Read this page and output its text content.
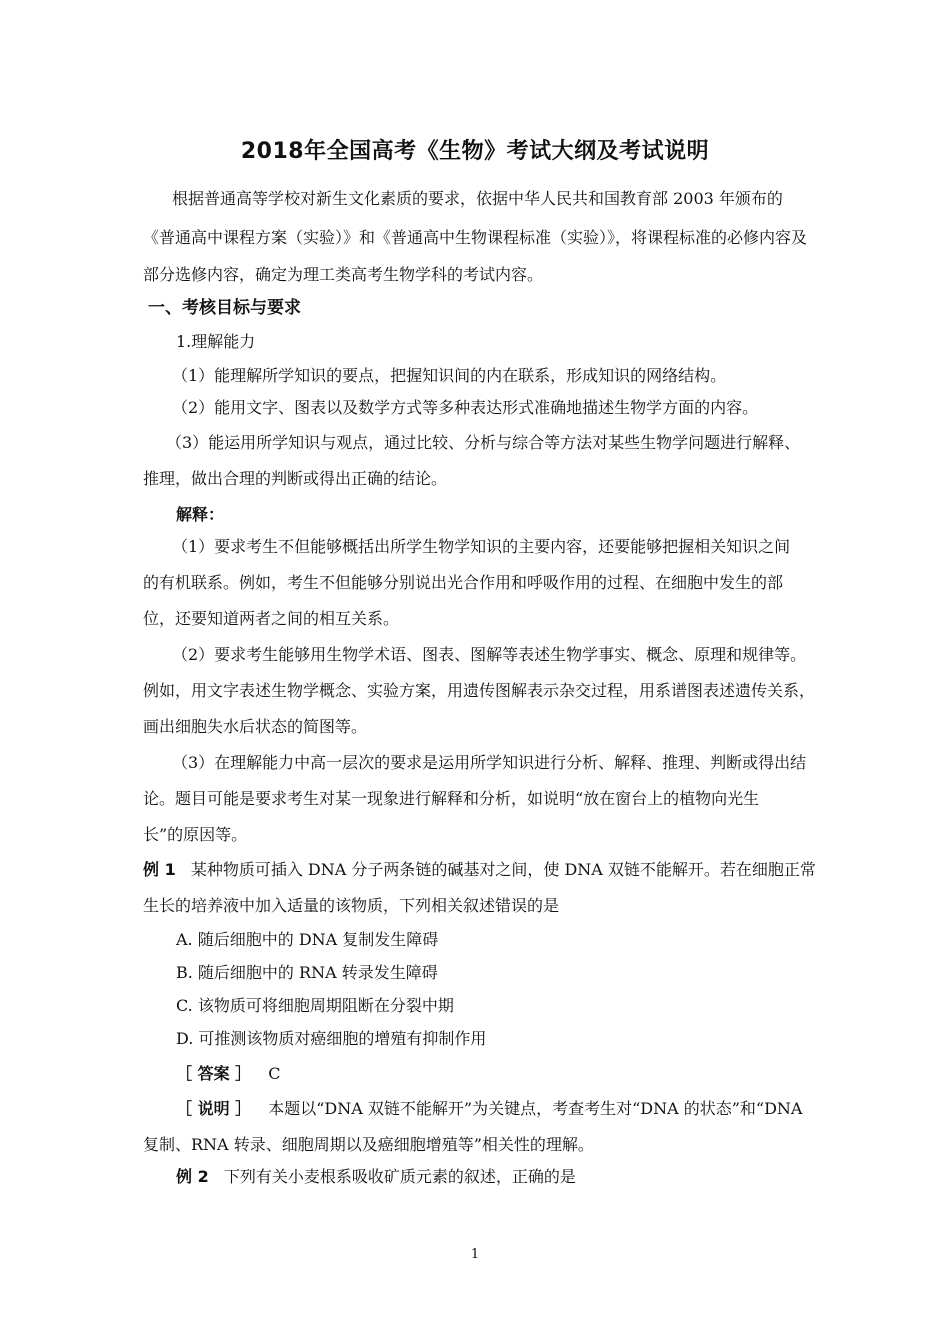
2018年全国高考《生物》考试大纲及考试说明
根据普通高等学校对新生文化素质的要求，依据中华人民共和国教育部 2003 年颁布的
《普通高中课程方案（实验）》和《普通高中生物课程标准（实验）》，将课程标准的必修内容及
部分选修内容，确定为理工类高考生物学科的考试内容。
一、考核目标与要求
1.理解能力
（1）能理解所学知识的要点，把握知识间的内在联系，形成知识的网络结构。
（2）能用文字、图表以及数学方式等多种表达形式准确地描述生物学方面的内容。
（3）能运用所学知识与观点，通过比较、分析与综合等方法对某些生物学问题进行解释、
推理，做出合理的判断或得出正确的结论。
解释：
（1）要求考生不但能够概括出所学生物学知识的主要内容，还要能够把握相关知识之间
的有机联系。例如，考生不但能够分别说出光合作用和呼吸作用的过程、在细胞中发生的部
位，还要知道两者之间的相互关系。
（2）要求考生能够用生物学术语、图表、图解等表述生物学事实、概念、原理和规律等。
例如，用文字表述生物学概念、实验方案，用遗传图解表示杂交过程，用系谱图表述遗传关系，
画出细胞失水后状态的简图等。
（3）在理解能力中高一层次的要求是运用所学知识进行分析、解释、推理、判断或得出结
论。题目可能是要求考生对某一现象进行解释和分析，如说明“放在窗台上的植物向光生
长”的原因等。
例 1 某种物质可插入 DNA 分子两条链的碱基对之间，使 DNA 双链不能解开。若在细胞正常
生长的培养液中加入适量的该物质，下列相关叙述错误的是
A. 随后细胞中的 DNA 复制发生障碍
B. 随后细胞中的 RNA 转录发生障碍
C. 该物质可将细胞周期阻断在分裂中期
D. 可推测该物质对癌细胞的增殖有抑制作用
［ 答案 ］ C
［ 说明 ］ 本题以“DNA 双链不能解开”为关键点，考查考生对“DNA 的状态”和“DNA
复制、RNA 转录、细胞周期以及癌细胞增殖等”相关性的理解。
例 2 下列有关小麦根系吸收矿质元素的叙述，正确的是
1
